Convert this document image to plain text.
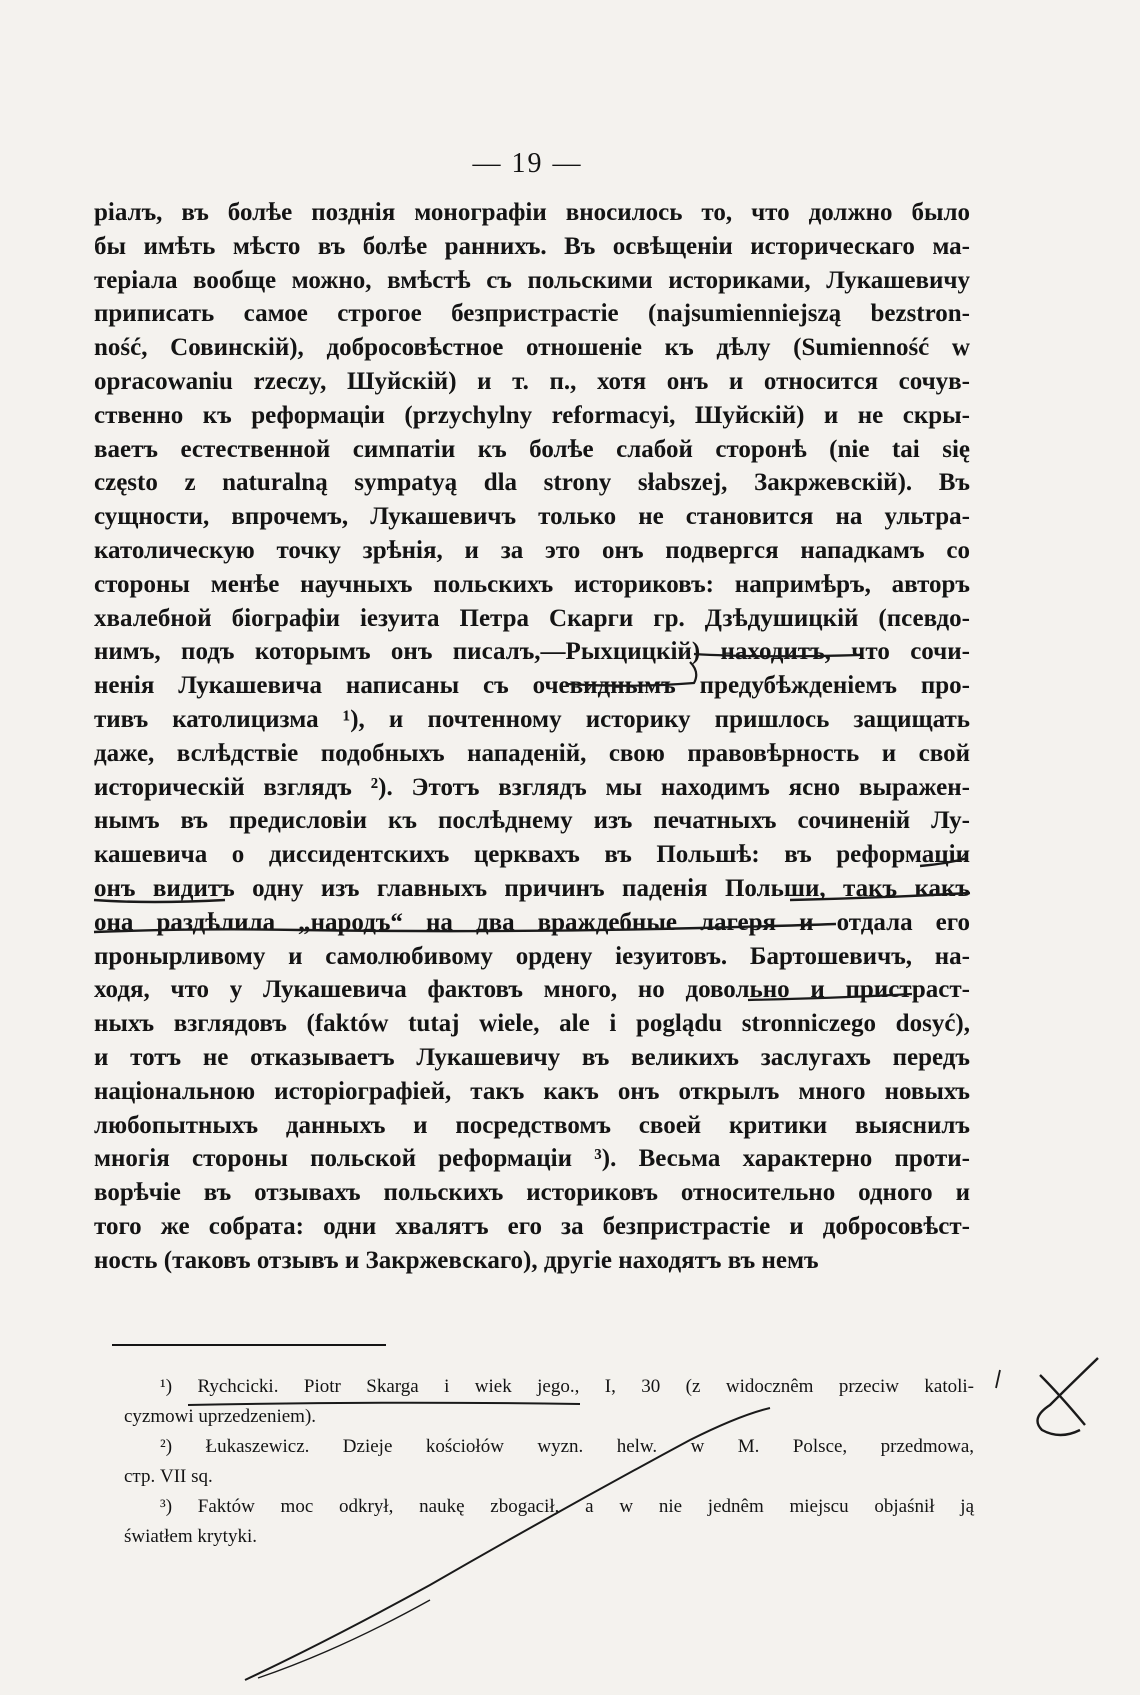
— 19 —
ріалъ, въ болѣе позднія монографіи вносилось то, что должно было
бы имѣть мѣсто въ болѣе раннихъ. Въ освѣщеніи историческаго ма-
теріала вообще можно, вмѣстѣ съ польскими историками, Лукашевичу
приписать самое строгое безпристрастіе (najsumienniejszą bezstron-
ność, Совинскій), добросовѣстное отношеніе къ дѣлу (Sumienność w
opracowaniu rzeczy, Шуйскій) и т. п., хотя онъ и относится сочув-
ственно къ реформаціи (przychylny reformacyi, Шуйскій) и не скры-
ваетъ естественной симпатіи къ болѣе слабой сторонѣ (nie tai się
często z naturalną sympatyą dla strony słabszej, Закржевскій). Въ
сущности, впрочемъ, Лукашевичъ только не становится на ультра-
католическую точку зрѣнія, и за это онъ подвергся нападкамъ со
стороны менѣе научныхъ польскихъ историковъ: напримѣръ, авторъ
хвалебной біографіи іезуита Петра Скарги гр. Дзѣдушицкій (псевдо-
нимъ, подъ которымъ онъ писалъ,—Рыхцицкій) находитъ, что сочи-
ненія Лукашевича написаны съ очевиднымъ предубѣжденіемъ про-
тивъ католицизма ¹), и почтенному историку пришлось защищать
даже, вслѣдствіе подобныхъ нападеній, свою правовѣрность и свой
историческій взглядъ ²). Этотъ взглядъ мы находимъ ясно выражен-
нымъ въ предисловіи къ послѣднему изъ печатныхъ сочиненій Лу-
кашевича о диссидентскихъ церквахъ въ Польшѣ: въ реформаціи
онъ видитъ одну изъ главныхъ причинъ паденія Польши, такъ какъ
она раздѣлила „народъ“ на два враждебные лагеря и отдала его
пронырливому и самолюбивому ордену іезуитовъ. Бартошевичъ, на-
ходя, что у Лукашевича фактовъ много, но довольно и пристраст-
ныхъ взглядовъ (faktów tutaj wiele, ale i poglądu stronniczego dosyć),
и тотъ не отказываетъ Лукашевичу въ великихъ заслугахъ передъ
національною исторіографіей, такъ какъ онъ открылъ много новыхъ
любопытныхъ данныхъ и посредствомъ своей критики выяснилъ
многія стороны польской реформаціи ³). Весьма характерно проти-
ворѣчіе въ отзывахъ польскихъ историковъ относительно одного и
того же собрата: одни хвалятъ его за безпристрастіе и добросовѣст-
ность (таковъ отзывъ и Закржевскаго), другіе находятъ въ немъ
¹) Rychcicki. Piotr Skarga i wiek jego., I, 30 (z widocznêm przeciw katoli-
cyzmowi uprzedzeniem).
²) Łukaszewicz. Dzieje kościołów wyzn. helw. w M. Polsce, przedmowa,
стр. VII sq.
³) Faktów moc odkrył, naukę zbogacił, a w nie jednêm miejscu objaśnił ją
światłem krytyki.
